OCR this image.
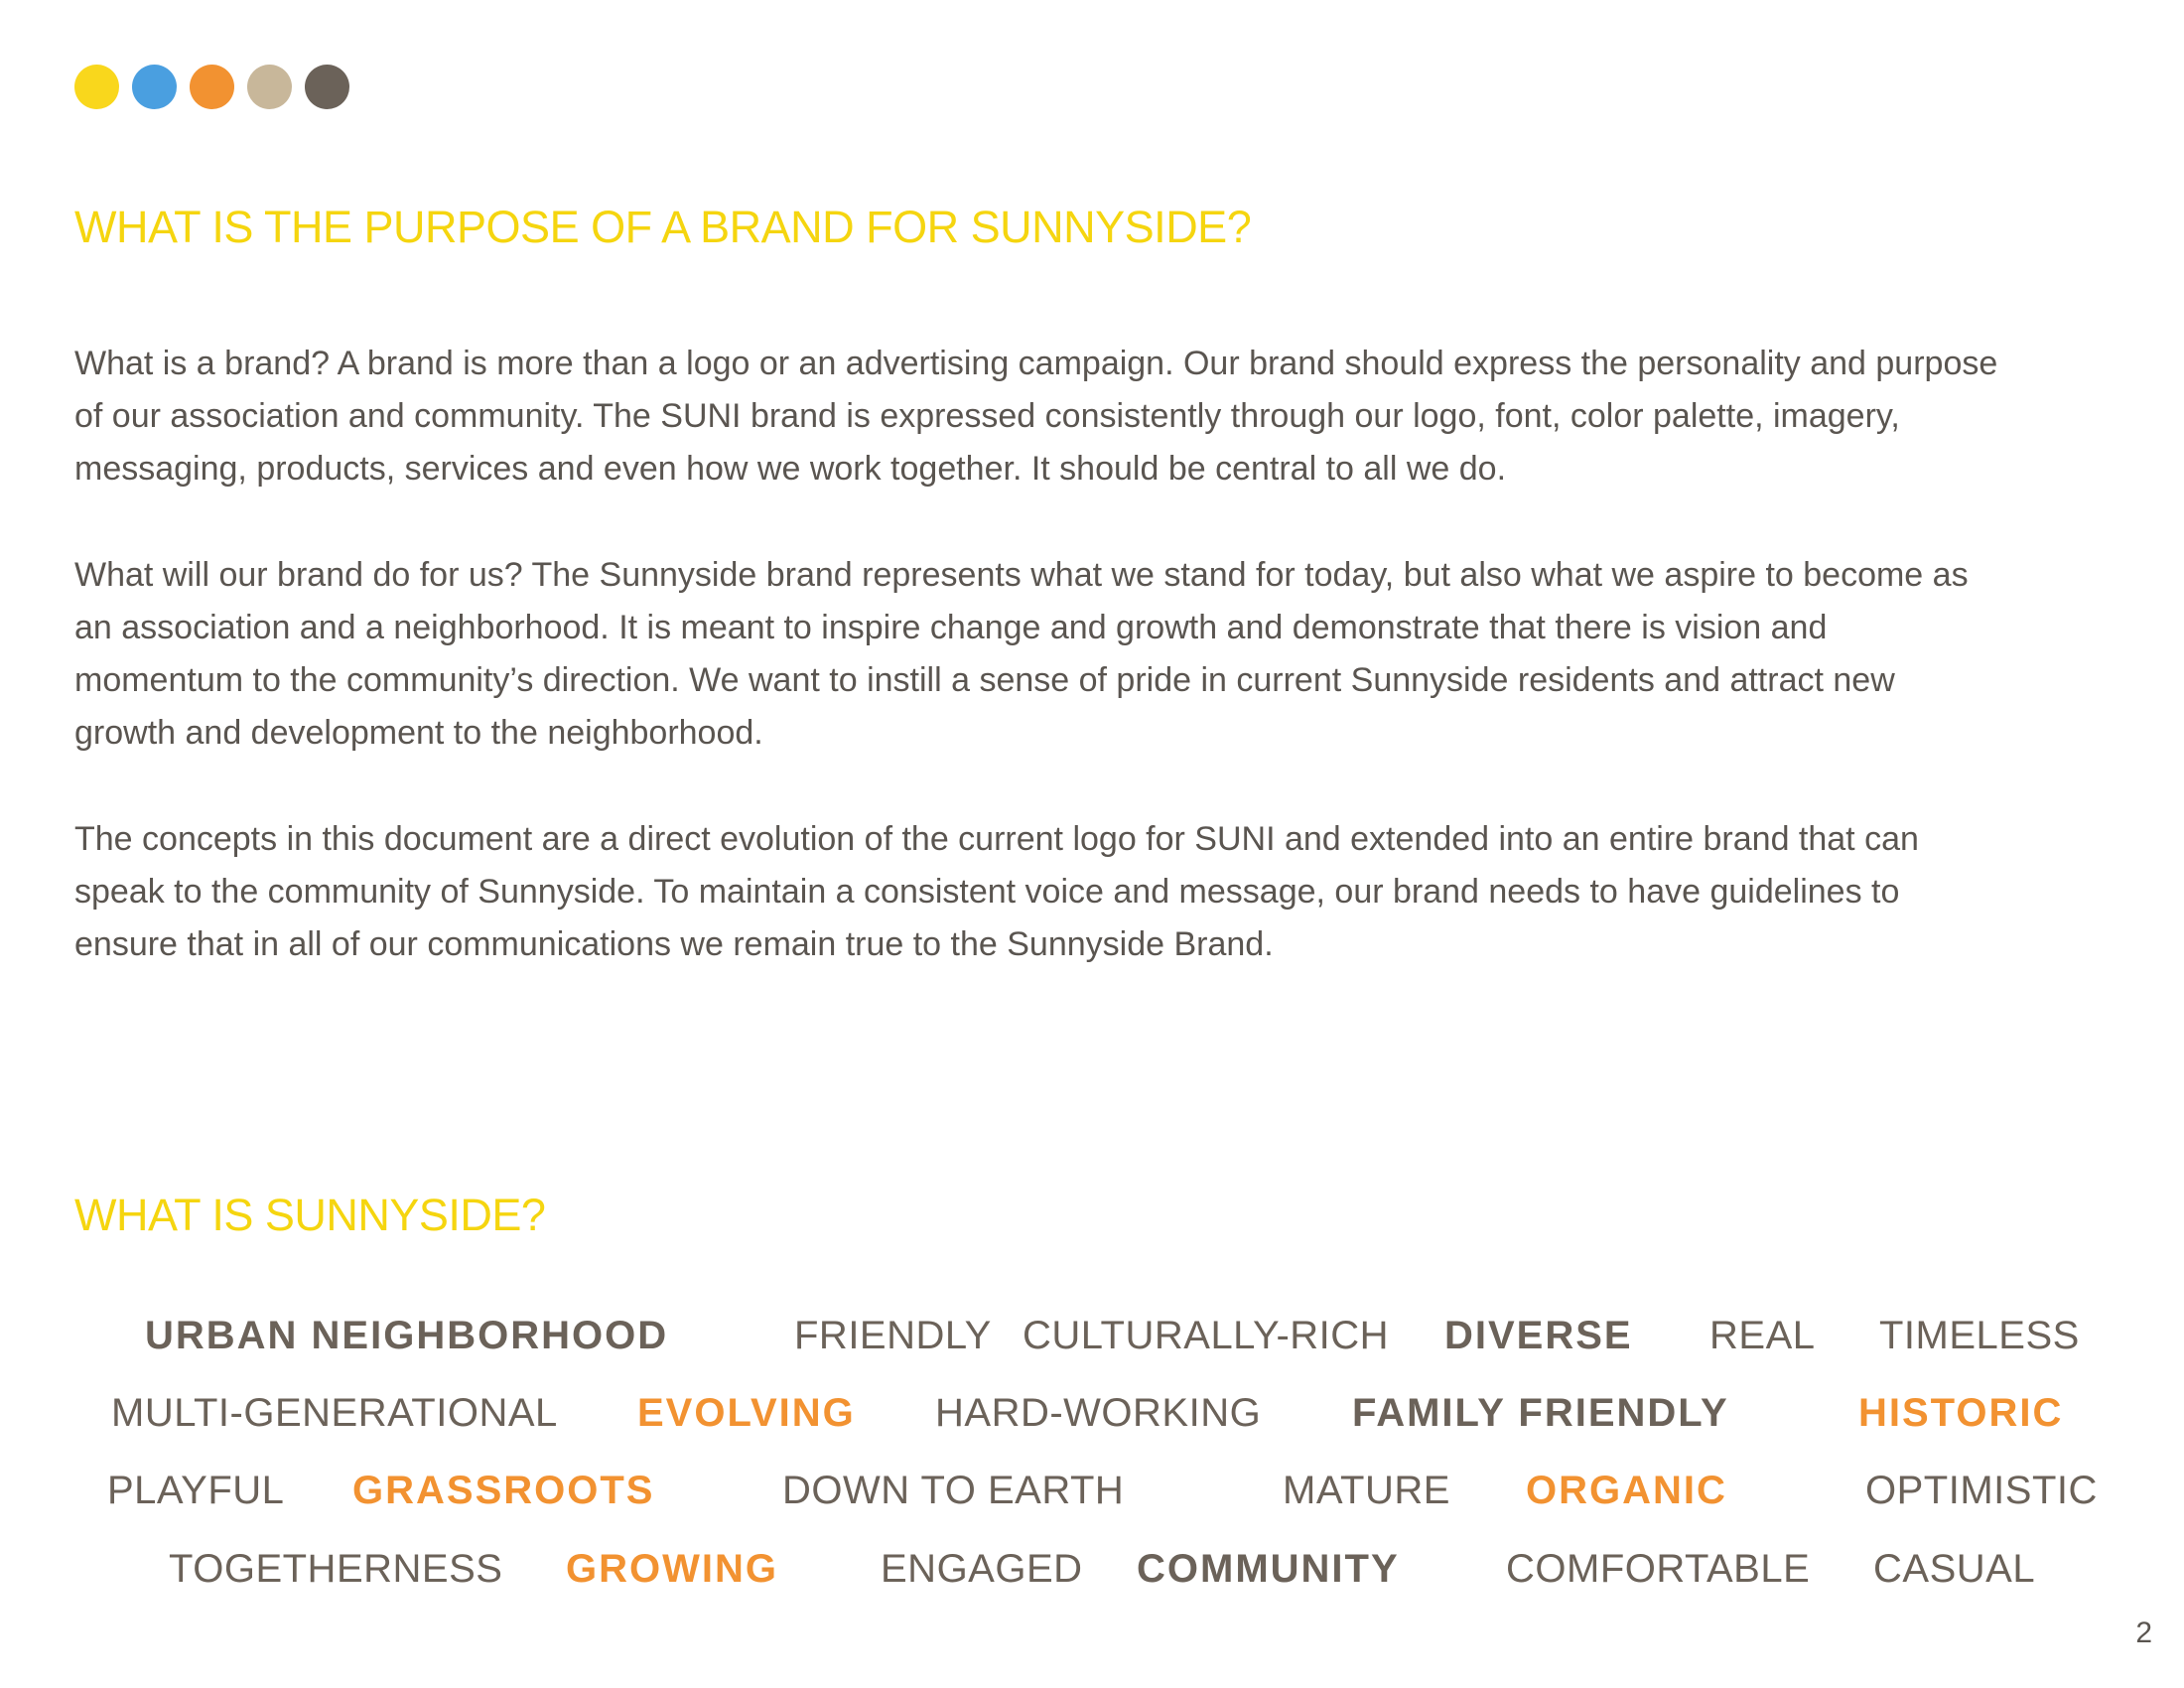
WHAT IS THE PURPOSE OF A BRAND FOR SUNNYSIDE?

What is a brand? A brand is more than a logo or an advertising campaign. Our brand should express the personality and purpose of our association and community. The SUNI brand is expressed consistently through our logo, font, color palette, imagery, messaging, products, services and even how we work together. It should be central to all we do.

What will our brand do for us? The Sunnyside brand represents what we stand for today, but also what we aspire to become as an association and a neighborhood. It is meant to inspire change and growth and demonstrate that there is vision and momentum to the community’s direction. We want to instill a sense of pride in current Sunnyside residents and attract new growth and development to the neighborhood.

The concepts in this document are a direct evolution of the current logo for SUNI and extended into an entire brand that can speak to the community of Sunnyside. To maintain a consistent voice and message, our brand needs to have guidelines to ensure that in all of our communications we remain true to the Sunnyside Brand.

WHAT IS SUNNYSIDE?
URBAN NEIGHBORHOOD	FRIENDLY CULTURALLY-RICH DIVERSE REAL TIMELESS
MULTI-GENERATIONAL EVOLVING HARD-WORKING FAMILY FRIENDLY	HISTORIC
PLAYFUL GRASSROOTS	DOWN TO EARTH	MATURE ORGANIC	OPTIMISTIC
TOGETHERNESS GROWING	ENGAGED COMMUNITY	COMFORTABLE CASUAL
2
